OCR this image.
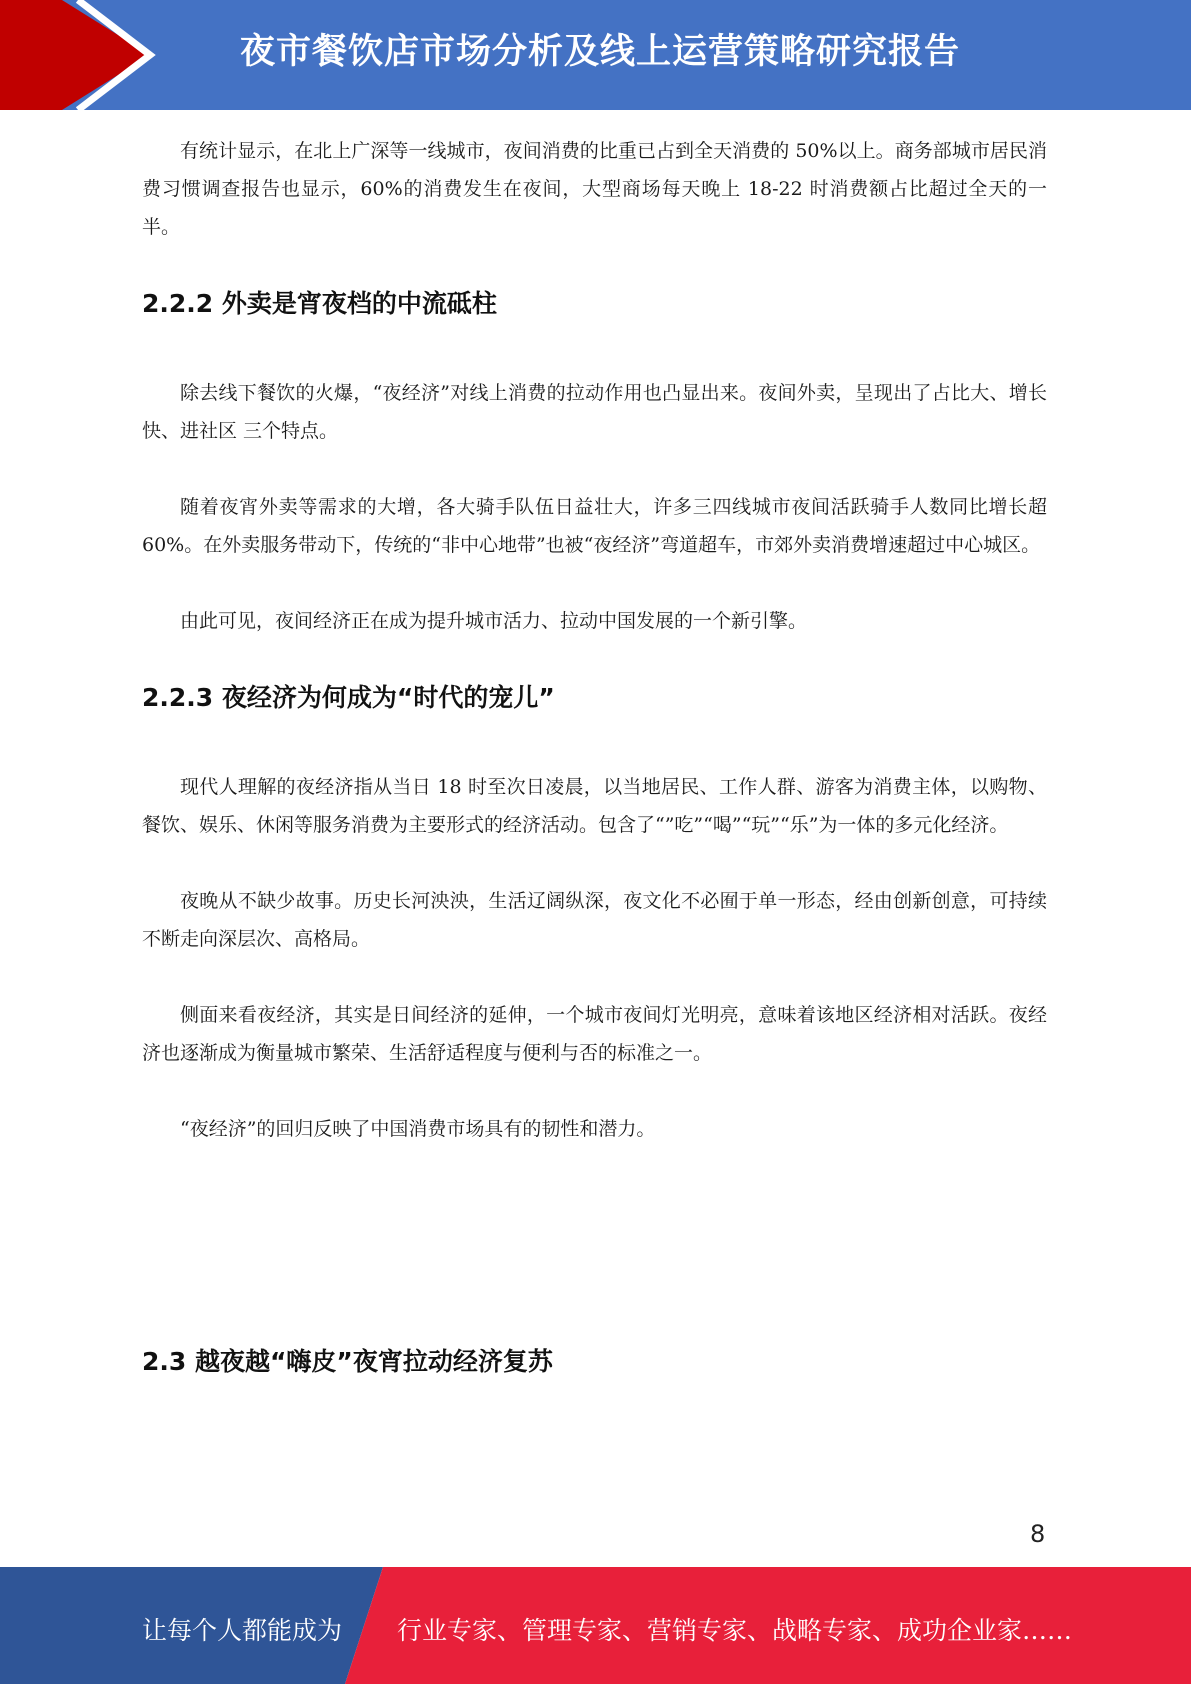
夜市餐饮店市场分析及线上运营策略研究报告

有统计显示，在北上广深等一线城市，夜间消费的比重已占到全天消费的 50%以上。商务部城市居民消费习惯调查报告也显示，60%的消费发生在夜间，大型商场每天晚上 18-22 时消费额占比超过全天的一半。

2.2.2 外卖是宵夜档的中流砥柱

除去线下餐饮的火爆，“夜经济”对线上消费的拉动作用也凸显出来。夜间外卖，呈现出了占比大、增长快、进社区 三个特点。

随着夜宵外卖等需求的大增，各大骑手队伍日益壮大，许多三四线城市夜间活跃骑手人数同比增长超 60%。在外卖服务带动下，传统的“非中心地带”也被“夜经济”弯道超车，市郊外卖消费增速超过中心城区。

由此可见，夜间经济正在成为提升城市活力、拉动中国发展的一个新引擎。

2.2.3 夜经济为何成为“时代的宠儿”

现代人理解的夜经济指从当日 18 时至次日凌晨，以当地居民、工作人群、游客为消费主体，以购物、餐饮、娱乐、休闲等服务消费为主要形式的经济活动。包含了“”吃”“喝”“玩”“乐”为一体的多元化经济。

夜晚从不缺少故事。历史长河泱泱，生活辽阔纵深，夜文化不必囿于单一形态，经由创新创意，可持续不断走向深层次、高格局。

侧面来看夜经济，其实是日间经济的延伸，一个城市夜间灯光明亮，意味着该地区经济相对活跃。夜经济也逐渐成为衡量城市繁荣、生活舒适程度与便利与否的标准之一。

“夜经济”的回归反映了中国消费市场具有的韧性和潜力。

2.3 越夜越“嗨皮”夜宵拉动经济复苏
8
让每个人都能成为 行业专家、管理专家、营销专家、战略专家、成功企业家……
